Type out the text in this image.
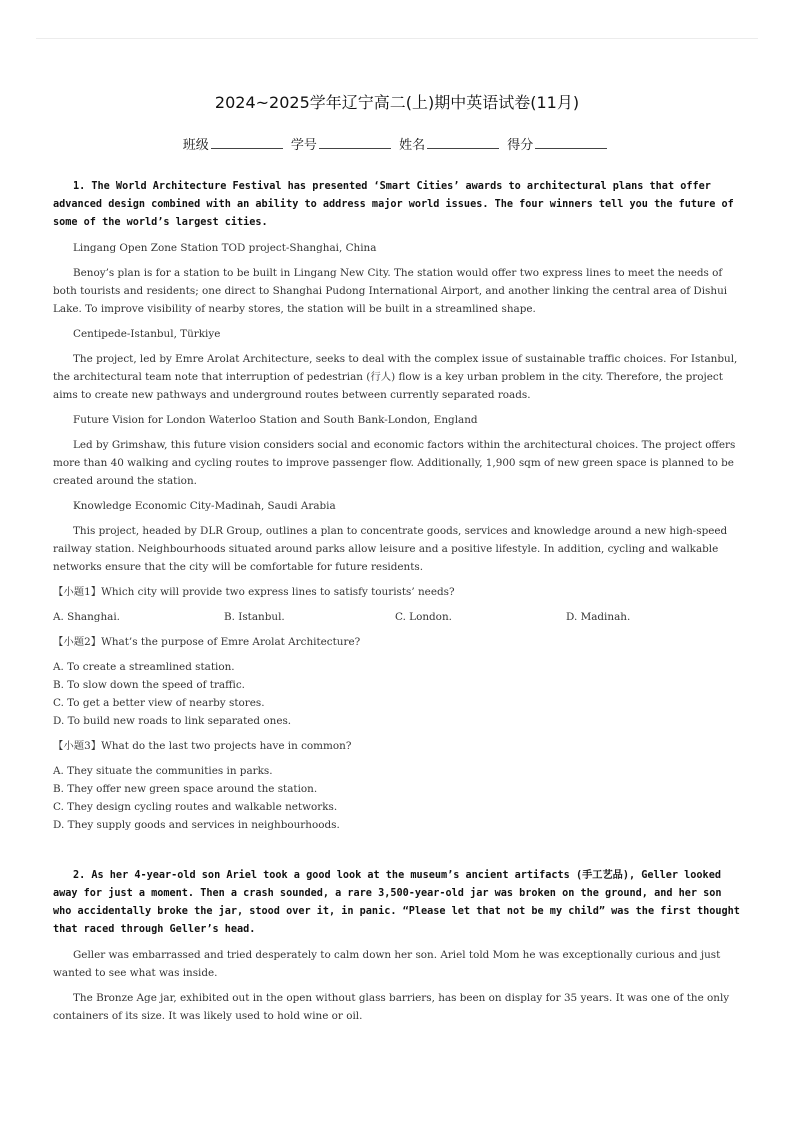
2024~2025学年辽宁高二(上)期中英语试卷(11月)
班级	学号	姓名	得分

1. The World Architecture Festival has presented ‘Smart Cities’ awards to architectural plans that offer advanced design combined with an ability to address major world issues. The four winners tell you the future of some of the world’s largest cities.

Lingang Open Zone Station TOD project-Shanghai, China

Benoy’s plan is for a station to be built in Lingang New City. The station would offer two express lines to meet the needs of both tourists and residents; one direct to Shanghai Pudong International Airport, and another linking the central area of Dishui Lake. To improve visibility of nearby stores, the station will be built in a streamlined shape.

Centipede-Istanbul, Türkiye

The project, led by Emre Arolat Architecture, seeks to deal with the complex issue of sustainable traffic choices. For Istanbul, the architectural team note that interruption of pedestrian (行人) flow is a key urban problem in the city. Therefore, the project aims to create new pathways and underground routes between currently separated roads.

Future Vision for London Waterloo Station and South Bank-London, England

Led by Grimshaw, this future vision considers social and economic factors within the architectural choices. The project offers more than 40 walking and cycling routes to improve passenger flow. Additionally, 1,900 sqm of new green space is planned to be created around the station.

Knowledge Economic City-Madinah, Saudi Arabia

This project, headed by DLR Group, outlines a plan to concentrate goods, services and knowledge around a new high-speed railway station. Neighbourhoods situated around parks allow leisure and a positive lifestyle. In addition, cycling and walkable networks ensure that the city will be comfortable for future residents.

【小题1】Which city will provide two express lines to satisfy tourists’ needs?

A. Shanghai.	B. Istanbul.	C. London.	D. Madinah.

【小题2】What’s the purpose of Emre Arolat Architecture?

A. To create a streamlined station.
B. To slow down the speed of traffic.
C. To get a better view of nearby stores.
D. To build new roads to link separated ones.

【小题3】What do the last two projects have in common?

A. They situate the communities in parks.
B. They offer new green space around the station.
C. They design cycling routes and walkable networks.
D. They supply goods and services in neighbourhoods.

2. As her 4-year-old son Ariel took a good look at the museum’s ancient artifacts (手工艺品), Geller looked away for just a moment. Then a crash sounded, a rare 3,500-year-old jar was broken on the ground, and her son who accidentally broke the jar, stood over it, in panic. “Please let that not be my child” was the first thought that raced through Geller’s head.

Geller was embarrassed and tried desperately to calm down her son. Ariel told Mom he was exceptionally curious and just wanted to see what was inside.

The Bronze Age jar, exhibited out in the open without glass barriers, has been on display for 35 years. It was one of the only containers of its size. It was likely used to hold wine or oil.
